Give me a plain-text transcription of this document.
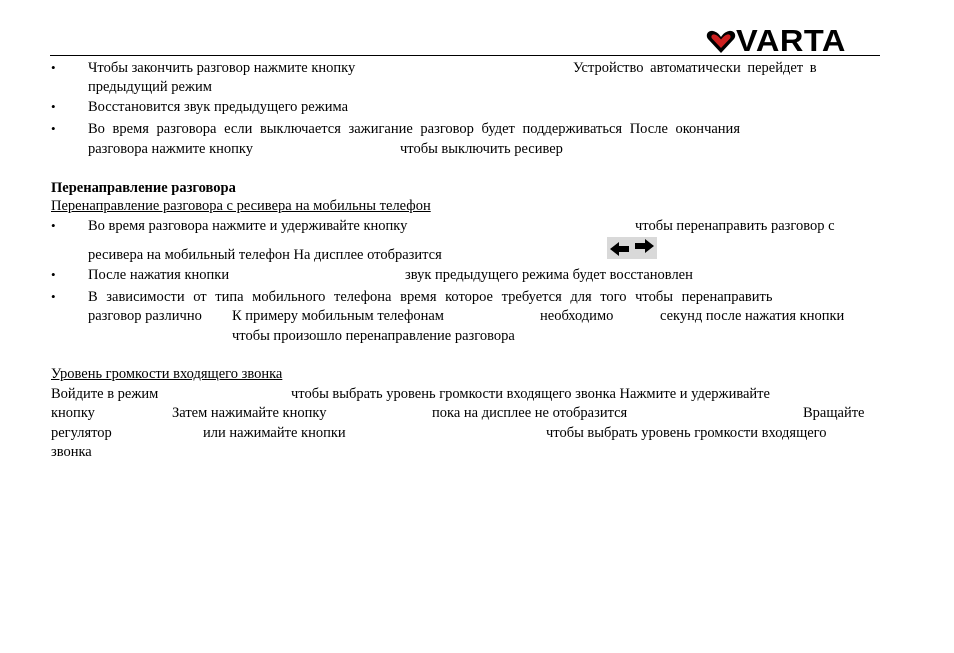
VARTA
• Чтобы закончить разговор нажмите кнопку	Устройство автоматически перейдет в
предыдущий режим
• Восстановится звук предыдущего режима
• Во время разговора если выключается зажигание разговор будет поддерживаться После окончания
разговора нажмите кнопку	чтобы выключить ресивер
Перенаправление разговора
Перенаправление разговора с ресивера на мобильны телефон
• Во время разговора нажмите и удерживайте кнопку	чтобы перенаправить разговор с
ресивера на мобильный телефон На дисплее отобразится
• После нажатия кнопки	звук предыдущего режима будет восстановлен
• В зависимости от типа мобильного телефона время которое требуется для того чтобы перенаправить
разговор различно К примеру мобильным телефонам	необходимо	секунд после нажатия кнопки
чтобы произошло перенаправление разговора
Уровень громкости входящего звонка
Войдите в режим	чтобы выбрать уровень громкости входящего звонка Нажмите и удерживайте
кнопку	Затем нажимайте кнопку	пока на дисплее не отобразится	Вращайте
регулятор	или нажимайте кнопки	чтобы выбрать уровень громкости входящего
звонка
